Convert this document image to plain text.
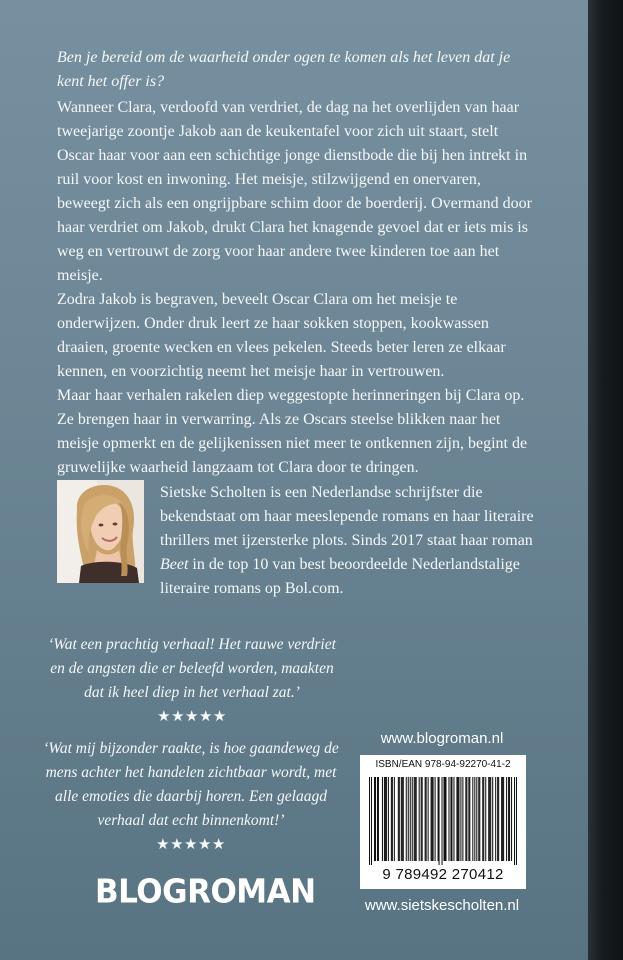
Ben je bereid om de waarheid onder ogen te komen als het leven dat je kent het offer is?

Wanneer Clara, verdoofd van verdriet, de dag na het overlijden van haar tweejarige zoontje Jakob aan de keukentafel voor zich uit staart, stelt Oscar haar voor aan een schichtige jonge dienstbode die bij hen intrekt in ruil voor kost en inwoning. Het meisje, stilzwijgend en onervaren, beweegt zich als een ongrijpbare schim door de boerderij. Overmand door haar verdriet om Jakob, drukt Clara het knagende gevoel dat er iets mis is weg en vertrouwt de zorg voor haar andere twee kinderen toe aan het meisje.

Zodra Jakob is begraven, beveelt Oscar Clara om het meisje te onderwijzen. Onder druk leert ze haar sokken stoppen, kookwassen draaien, groente wecken en vlees pekelen. Steeds beter leren ze elkaar kennen, en voorzichtig neemt het meisje haar in vertrouwen.

Maar haar verhalen rakelen diep weggestopte herinneringen bij Clara op. Ze brengen haar in verwarring. Als ze Oscars steelse blikken naar het meisje opmerkt en de gelijkenissen niet meer te ontkennen zijn, begint de gruwelijke waarheid langzaam tot Clara door te dringen.

Sietske Scholten is een Nederlandse schrijfster die bekendstaat om haar meeslepende romans en haar literaire thrillers met ijzersterke plots. Sinds 2017 staat haar roman Beet in de top 10 van best beoordeelde Nederlandstalige literaire romans op Bol.com.

‘Wat een prachtig verhaal! Het rauwe verdriet en de angsten die er beleefd worden, maakten dat ik heel diep in het verhaal zat.’
★★★★★
‘Wat mij bijzonder raakte, is hoe gaandeweg de mens achter het handelen zichtbaar wordt, met alle emoties die daarbij horen. Een gelaagd verhaal dat echt binnenkomt!’
★★★★★
BLOGROMAN
www.blogroman.nl
ISBN/EAN 978-94-92270-41-2
9 789492 270412
www.sietskescholten.nl
